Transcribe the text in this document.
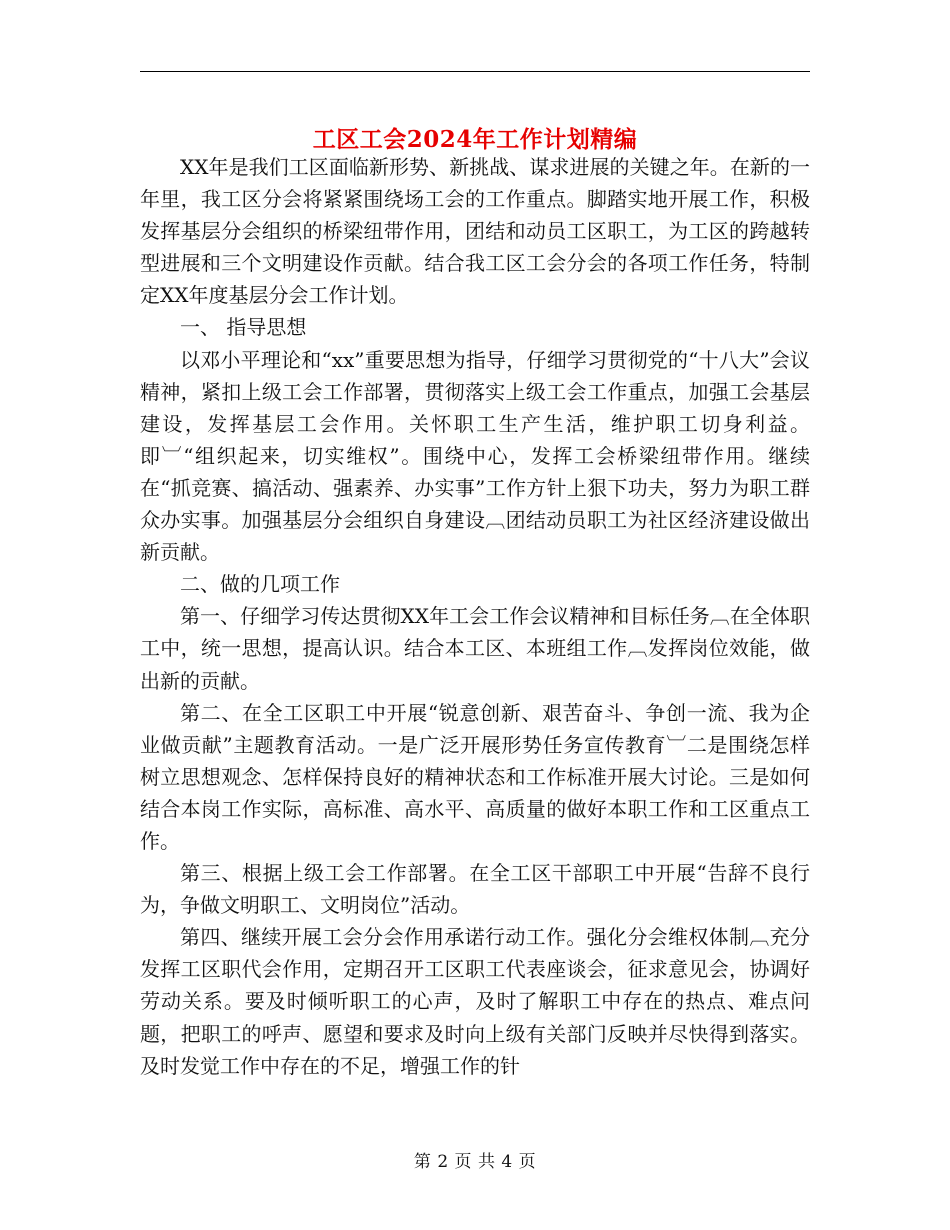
工区工会2024年工作计划精编

XX年是我们工区面临新形势、新挑战、谋求进展的关键之年。在新的一年里，我工区分会将紧紧围绕场工会的工作重点。脚踏实地开展工作，积极发挥基层分会组织的桥梁纽带作用，团结和动员工区职工，为工区的跨越转型进展和三个文明建设作贡献。结合我工区工会分会的各项工作任务，特制定XX年度基层分会工作计划。

一、 指导思想

以邓小平理论和“xx”重要思想为指导，仔细学习贯彻党的“十八大”会议精神，紧扣上级工会工作部署，贯彻落实上级工会工作重点，加强工会基层建设，发挥基层工会作用。关怀职工生产生活，维护职工切身利益。即︺“组织起来，切实维权”。围绕中心，发挥工会桥梁纽带作用。继续在“抓竞赛、搞活动、强素养、办实事”工作方针上狠下功夫，努力为职工群众办实事。加强基层分会组织自身建设︹团结动员职工为社区经济建设做出新贡献。

二、做的几项工作

第一、仔细学习传达贯彻XX年工会工作会议精神和目标任务︹在全体职工中，统一思想，提高认识。结合本工区、本班组工作︹发挥岗位效能，做出新的贡献。

第二、在全工区职工中开展“锐意创新、艰苦奋斗、争创一流、我为企业做贡献”主题教育活动。一是广泛开展形势任务宣传教育︺二是围绕怎样树立思想观念、怎样保持良好的精神状态和工作标准开展大讨论。三是如何结合本岗工作实际，高标准、高水平、高质量的做好本职工作和工区重点工作。

第三、根据上级工会工作部署。在全工区干部职工中开展“告辞不良行为，争做文明职工、文明岗位”活动。

第四、继续开展工会分会作用承诺行动工作。强化分会维权体制︹充分发挥工区职代会作用，定期召开工区职工代表座谈会，征求意见会，协调好劳动关系。要及时倾听职工的心声，及时了解职工中存在的热点、难点问题，把职工的呼声、愿望和要求及时向上级有关部门反映并尽快得到落实。及时发觉工作中存在的不足，增强工作的针

第 2 页 共 4 页
